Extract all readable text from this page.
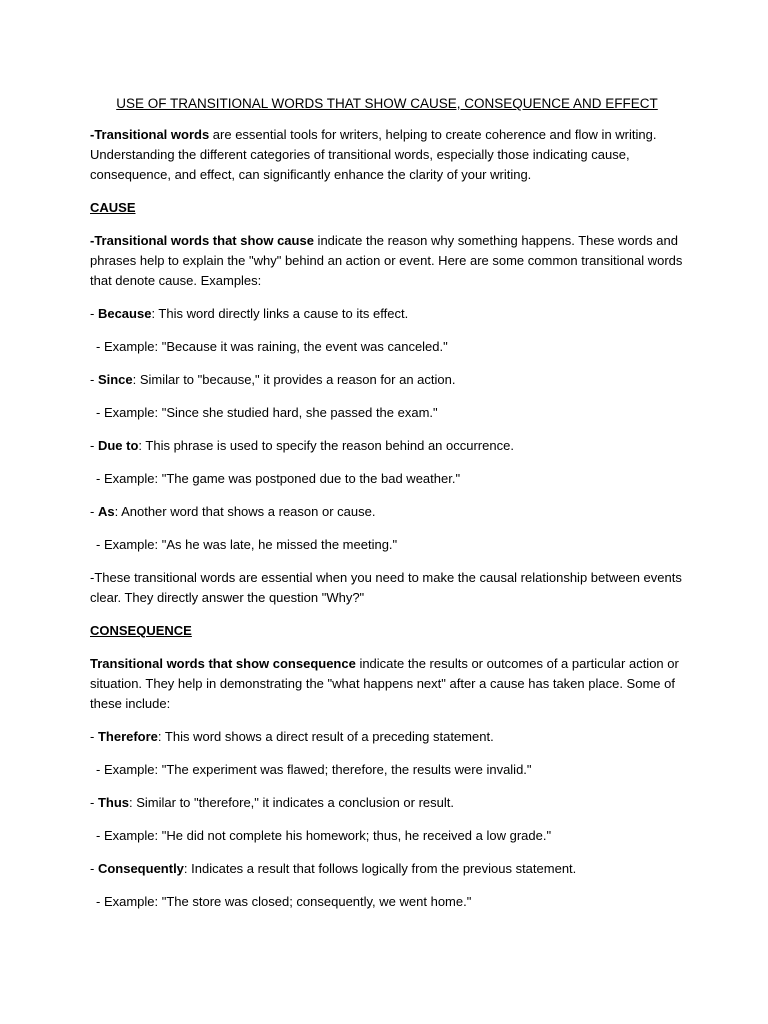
USE OF TRANSITIONAL WORDS THAT SHOW CAUSE, CONSEQUENCE AND EFFECT

-Transitional words are essential tools for writers, helping to create coherence and flow in writing. Understanding the different categories of transitional words, especially those indicating cause, consequence, and effect, can significantly enhance the clarity of your writing.

CAUSE

-Transitional words that show cause indicate the reason why something happens. These words and phrases help to explain the "why" behind an action or event. Here are some common transitional words that denote cause. Examples:

- Because: This word directly links a cause to its effect.

- Example: "Because it was raining, the event was canceled."

- Since: Similar to "because," it provides a reason for an action.

- Example: "Since she studied hard, she passed the exam."

- Due to: This phrase is used to specify the reason behind an occurrence.

- Example: "The game was postponed due to the bad weather."

- As: Another word that shows a reason or cause.

- Example: "As he was late, he missed the meeting."

-These transitional words are essential when you need to make the causal relationship between events clear. They directly answer the question "Why?"

CONSEQUENCE

Transitional words that show consequence indicate the results or outcomes of a particular action or situation. They help in demonstrating the "what happens next" after a cause has taken place. Some of these include:

- Therefore: This word shows a direct result of a preceding statement.

- Example: "The experiment was flawed; therefore, the results were invalid."

- Thus: Similar to "therefore," it indicates a conclusion or result.

- Example: "He did not complete his homework; thus, he received a low grade."

- Consequently: Indicates a result that follows logically from the previous statement.

- Example: "The store was closed; consequently, we went home."
